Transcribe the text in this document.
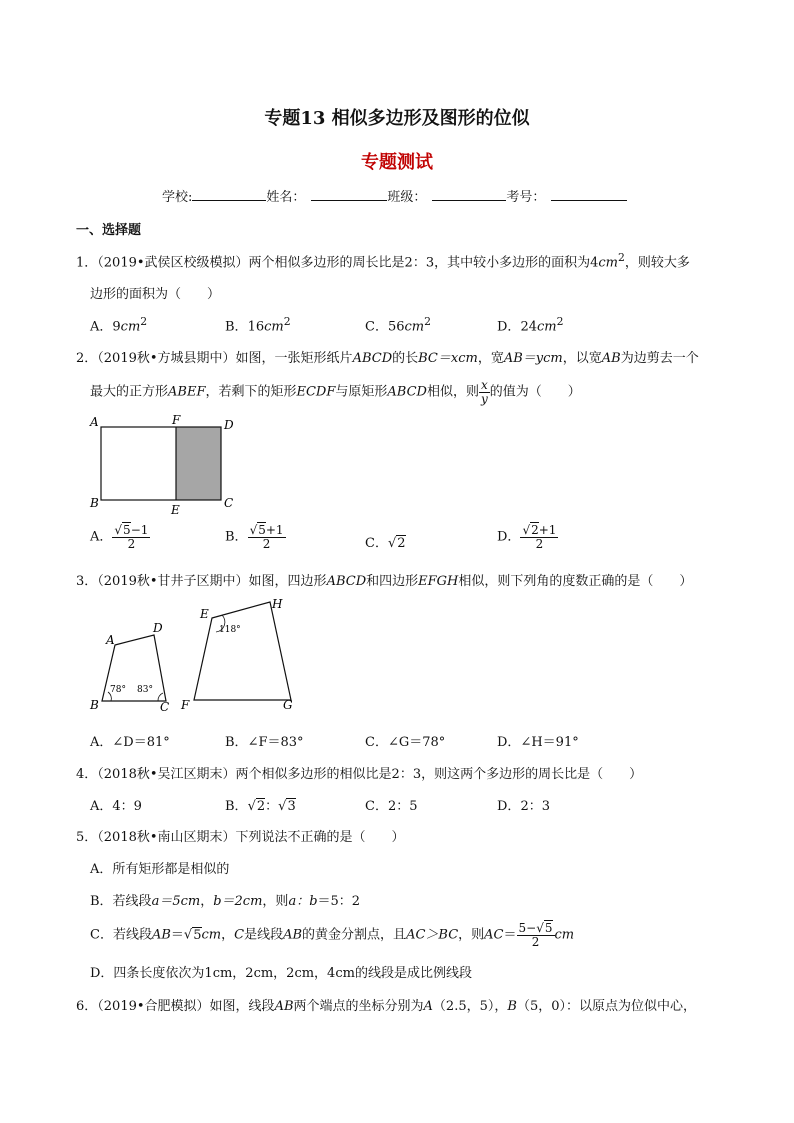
专题13 相似多边形及图形的位似
专题测试
学校:	姓名：	班级：	考号：
一、选择题
1．（2019•武侯区校级模拟）两个相似多边形的周长比是2：3，其中较小多边形的面积为$4cm^2$，则较大多
边形的面积为（　　）
A．$9cm^2$	B．$16cm^2$	C．$56cm^2$	D．$24cm^2$
2．（2019秋•方城县期中）如图，一张矩形纸片ABCD的长BC＝xcm，宽AB＝ycm，以宽AB为边剪去一个
最大的正方形ABEF，若剩下的矩形ECDF与原矩形ABCD相似，则 $\frac{x}{y}$ 的值为（　　）
A	F	D
B	E	C
A． $\frac{√5-1}{2}$	B． $\frac{√5+1}{2}$	C．√2	D． $\frac{√2+1}{2}$
3．（2019秋•甘井子区期中）如图，四边形ABCD和四边形EFGH相似，则下列角的度数正确的是（　　）
A
D
B	C
78° 83°
E
H
F	G
118°
A．∠D＝81°	B．∠F＝83°	C．∠G＝78°	D．∠H＝91°
4．（2018秋•吴江区期末）两个相似多边形的相似比是2：3，则这两个多边形的周长比是（　　）
A．4：9	B．√2：√3	C．2：5	D．2：3
5．（2018秋•南山区期末）下列说法不正确的是（　　）
A．所有矩形都是相似的
B．若线段a＝5cm，b＝2cm，则a：b＝5：2
C．若线段AB＝√5cm，C是线段AB的黄金分割点，且AC＞BC，则$AC= \frac{5-√5}{2}$ cm
D．四条长度依次为1cm，2cm，2cm，4cm的线段是成比例线段
6．（2019•合肥模拟）如图，线段AB两个端点的坐标分别为A（2.5，5），B（5，0）：以原点为位似中心，
